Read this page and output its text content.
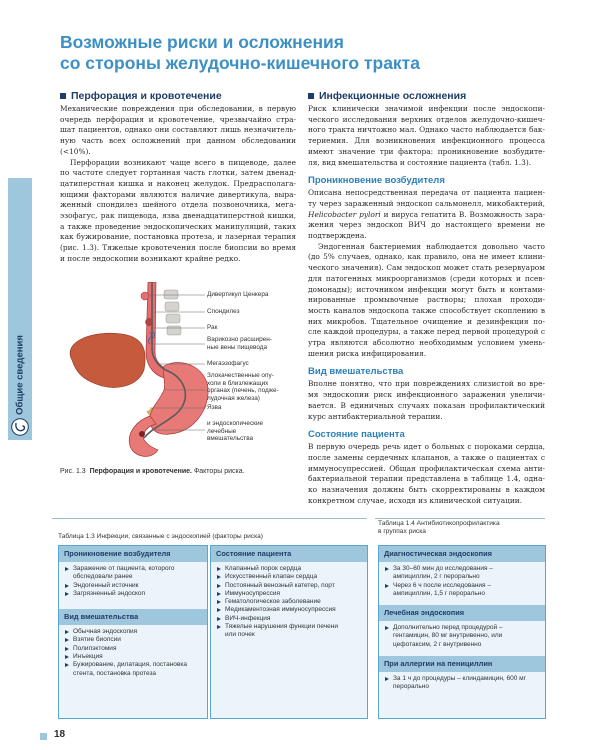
Возможные риски и осложнения
со стороны желудочно-кишечного тракта
Общие сведения
Перфорация и кровотечение

Механические повреждения при обследовании, в первую очередь перфорация и кровотечение, чрезвычайно стра- шат пациентов, однако они составляют лишь незначитель- ную часть всех осложнений при данном обследовании (<10%).

Перфорации возникают чаще всего в пищеводе, далее по частоте следует гортанная часть глотки, затем двенад- цатиперстная кишка и наконец желудок. Предрасполага- ющими факторами являются наличие дивертикула, выра- женный спондилез шейного отдела позвоночника, мега- эзофагус, рак пищевода, язва двенадцатиперстной кишки, а также проведение эндоскопических манипуляций, таких как бужирование, постановка протеза, и лазерная терапия (рис. 1.3). Тяжелые кровотечения после биопсии во время и после эндоскопии возникают крайне редко.

Дивертикул Ценкера
Спондилез
Рак
Варикозно расширен-
ные вены пищевода
Мегаэзофагус
Злокачественные опу-
холи в близлежащих
органах (печень, подже-
лудочная железа)
Язва
и эндоскопические
лечебные
вмешательства
Рис. 1.3 Перфорация и кровотечение. Факторы риска.
Инфекционные осложнения

Риск клинически значимой инфекции после эндоскопи- ческого исследования верхних отделов желудочно-кишеч- ного тракта ничтожно мал. Однако часто наблюдается бак- териемия. Для возникновения инфекционного процесса имеют значение три фактора: проникновение возбудите- ля, вид вмешательства и состояние пациента (табл. 1.3).

Проникновение возбудителя

Описана непосредственная передача от пациента пациен- ту через зараженный эндоскоп сальмонелл, микобактерий, Helicobacter pylori и вируса гепатита В. Возможность зара- жения через эндоскоп ВИЧ до настоящего времени не подтверждена.

Эндогенная бактериемия наблюдается довольно часто (до 5% случаев, однако, как правило, она не имеет клини- ческого значения). Сам эндоскоп может стать резервуаром для патогенных микроорганизмов (среди которых и псев- домонады); источником инфекции могут быть и контами- нированные промывочные растворы; плохая проходи- мость каналов эндоскопа также способствует скоплению в них микробов. Тщательное очищение и дезинфекция по- сле каждой процедуры, а также перед первой процедурой с утра являются абсолютно необходимым условием умень- шения риска инфицирования.

Вид вмешательства

Вполне понятно, что при повреждениях слизистой во вре- мя эндоскопии риск инфекционного заражения увеличи- вается. В единичных случаях показан профилактический курс антибактериальной терапии.

Состояние пациента

В первую очередь речь идет о больных с пороками сердца, после замены сердечных клапанов, а также о пациентах с иммуносупрессией. Общая профилактическая схема анти- бактериальной терапии представлена в таблице 1.4, одна- ко назначения должны быть скорректированы в каждом конкретном случае, исходя из клинической ситуации.

Таблица 1.3 Инфекции, связанные с эндоскопией (факторы риска)
Проникновение возбудителя
Заражение от пациента, которого
обследовали ранее
Эндогенный источник
Загрязненный эндоскоп
Вид вмешательства
Обычная эндоскопия
Взятие биопсии
Полипэктомия
Инъекция
Бужирование, дилатация, постановка
стента, постановка протеза
Состояние пациента
Клапанный порок сердца
Искусственный клапан сердца
Постоянный венозный катетер, порт
Иммуносупрессия
Гематологическое заболевание
Медикаментозная иммуносупрессия
ВИЧ-инфекция
Тяжелые нарушения функции печени
или почек
Таблица 1.4 Антибиотикопрофилактика
в группах риска
Диагностическая эндоскопия
За 30–60 мин до исследования –
ампициллин, 2 г перорально
Через 6 ч после исследования –
ампициллин, 1,5 г перорально
Лечебная эндоскопия
Дополнительно перед процедурой –
гентамицин, 80 мг внутривенно, или
цефотаксим, 2 г внутривенно
При аллергии на пенициллин
За 1 ч до процедуры – клиндамицин, 600 мг
перорально
18
